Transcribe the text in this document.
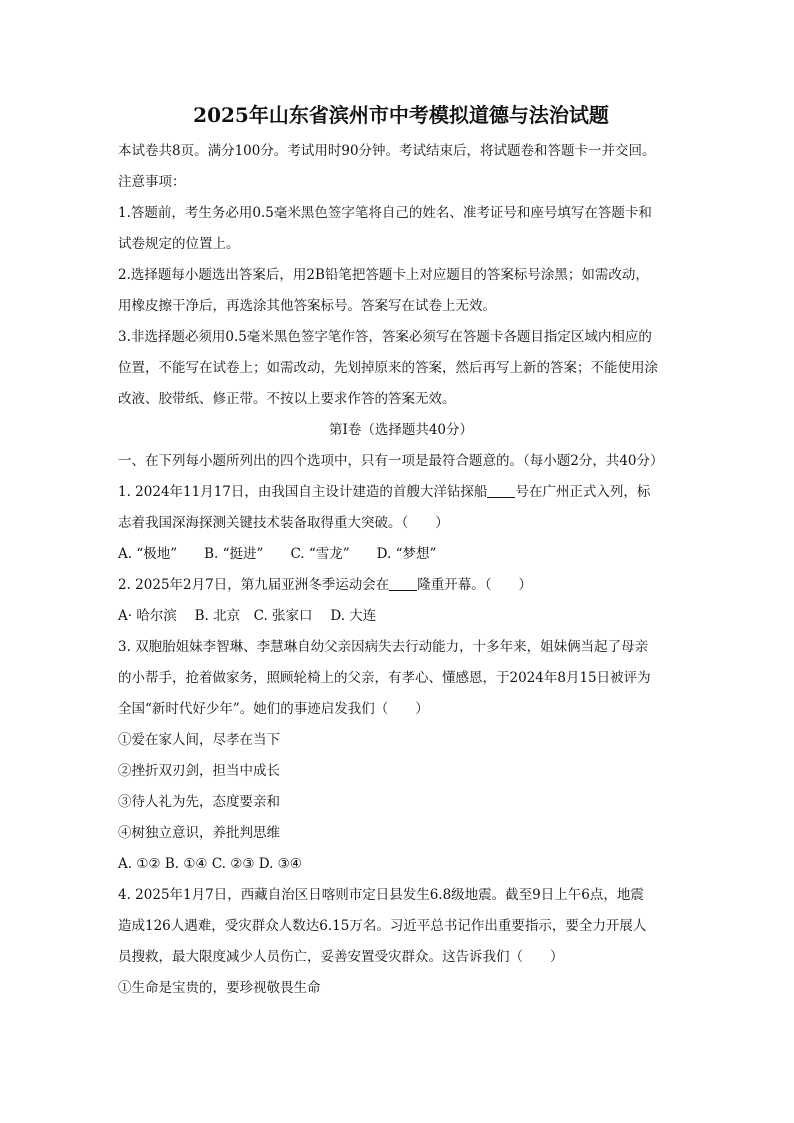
2025年山东省滨州市中考模拟道德与法治试题
本试卷共8页。满分100分。考试用时90分钟。考试结束后，将试题卷和答题卡一并交回。
注意事项：
1.答题前，考生务必用0.5毫米黑色签字笔将自己的姓名、准考证号和座号填写在答题卡和
试卷规定的位置上。
2.选择题每小题选出答案后，用2B铅笔把答题卡上对应题目的答案标号涂黑；如需改动，
用橡皮擦干净后，再选涂其他答案标号。答案写在试卷上无效。
3.非选择题必须用0.5毫米黑色签字笔作答，答案必须写在答题卡各题目指定区域内相应的
位置，不能写在试卷上；如需改动，先划掉原来的答案，然后再写上新的答案；不能使用涂
改液、胶带纸、修正带。不按以上要求作答的答案无效。
第Ⅰ卷（选择题共40分）
一、在下列每小题所列出的四个选项中，只有一项是最符合题意的。（每小题2分，共40分）
1. 2024年11月17日，由我国自主设计建造的首艘大洋钻探船 号在广州正式入列，标
志着我国深海探测关键技术装备取得重大突破。（　　）
A. “极地”　　B. “挺进”　　C. “雪龙”　　D. “梦想”
2. 2025年2月7日，第九届亚洲冬季运动会在 隆重开幕。（　　）
A· 哈尔滨　 B. 北京　C. 张家口　 D. 大连
3. 双胞胎姐妹李智琳、李慧琳自幼父亲因病失去行动能力，十多年来，姐妹俩当起了母亲
的小帮手，抢着做家务，照顾轮椅上的父亲，有孝心、懂感恩，于2024年8月15日被评为
全国“新时代好少年”。她们的事迹启发我们（　　）
①爱在家人间，尽孝在当下
②挫折双刃剑，担当中成长
③待人礼为先，态度要亲和
④树独立意识，养批判思维
A. ①② B. ①④ C. ②③ D. ③④
4. 2025年1月7日，西藏自治区日喀则市定日县发生6.8级地震。截至9日上午6点，地震
造成126人遇难，受灾群众人数达6.15万名。习近平总书记作出重要指示，要全力开展人
员搜救，最大限度减少人员伤亡，妥善安置受灾群众。这告诉我们（　　）
①生命是宝贵的，要珍视敬畏生命
